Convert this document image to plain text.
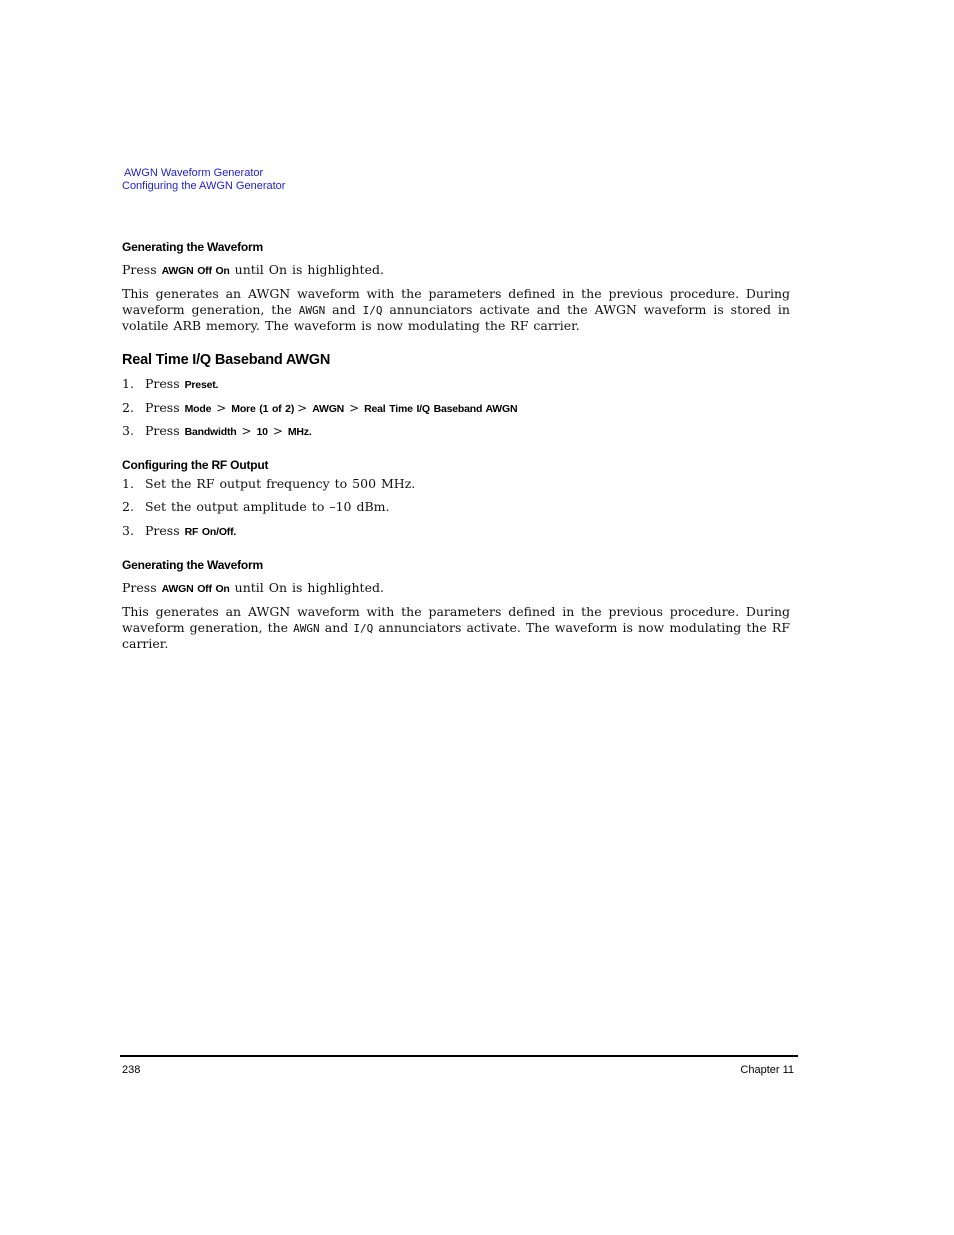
AWGN Waveform Generator
Configuring the AWGN Generator
Generating the Waveform
Press AWGN Off On until On is highlighted.
This generates an AWGN waveform with the parameters defined in the previous procedure. During waveform generation, the AWGN and I/Q annunciators activate and the AWGN waveform is stored in volatile ARB memory. The waveform is now modulating the RF carrier.
Real Time I/Q Baseband AWGN
1. Press Preset.
2. Press Mode > More (1 of 2) > AWGN > Real Time I/Q Baseband AWGN
3. Press Bandwidth > 10 > MHz.
Configuring the RF Output
1. Set the RF output frequency to 500 MHz.
2. Set the output amplitude to –10 dBm.
3. Press RF On/Off.
Generating the Waveform
Press AWGN Off On until On is highlighted.
This generates an AWGN waveform with the parameters defined in the previous procedure. During waveform generation, the AWGN and I/Q annunciators activate. The waveform is now modulating the RF carrier.
238	Chapter 11
